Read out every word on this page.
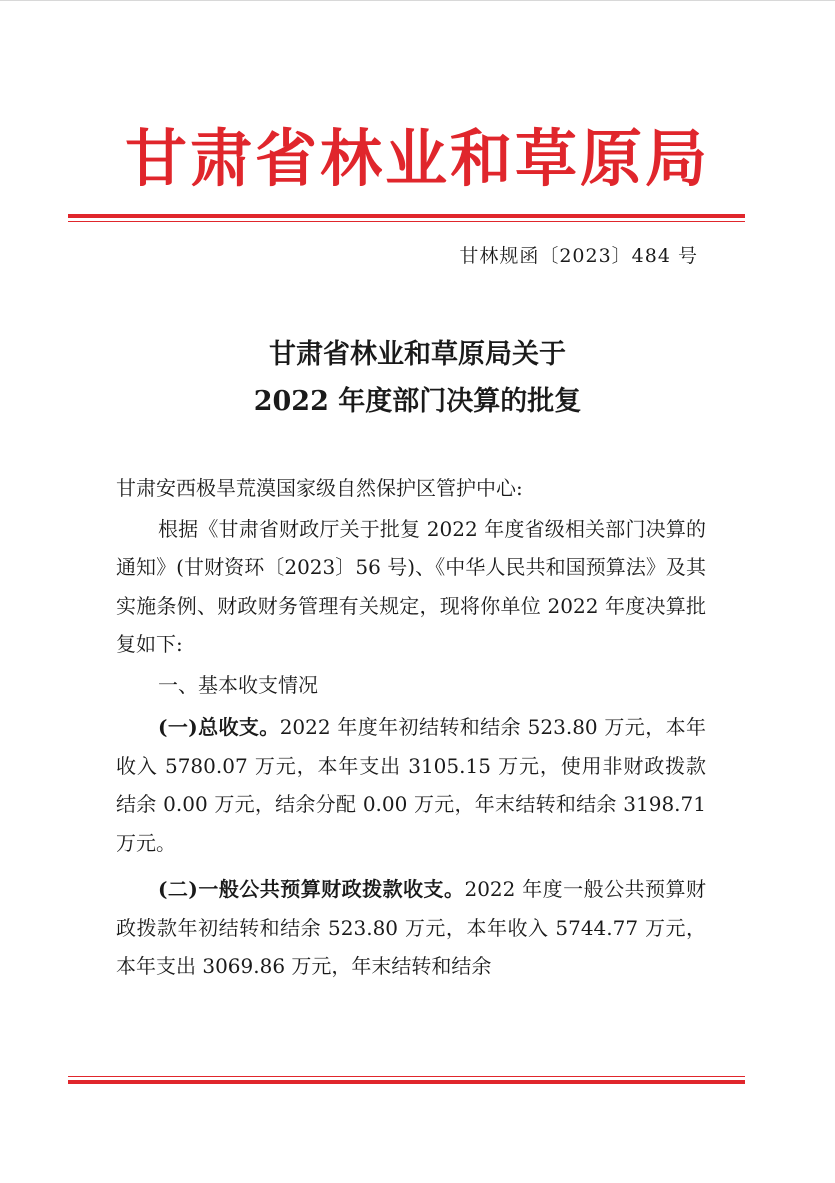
甘肃省林业和草原局
甘林规函〔2023〕484 号
甘肃省林业和草原局关于
2022 年度部门决算的批复

甘肃安西极旱荒漠国家级自然保护区管护中心:

根据《甘肃省财政厅关于批复 2022 年度省级相关部门决算的通知》(甘财资环〔2023〕56 号)、《中华人民共和国预算法》及其实施条例、财政财务管理有关规定，现将你单位 2022 年度决算批复如下:

一、基本收支情况

(一)总收支。2022 年度年初结转和结余 523.80 万元，本年收入 5780.07 万元，本年支出 3105.15 万元，使用非财政拨款结余 0.00 万元，结余分配 0.00 万元，年末结转和结余 3198.71 万元。

(二)一般公共预算财政拨款收支。2022 年度一般公共预算财政拨款年初结转和结余 523.80 万元，本年收入 5744.77 万元，本年支出 3069.86 万元，年末结转和结余
